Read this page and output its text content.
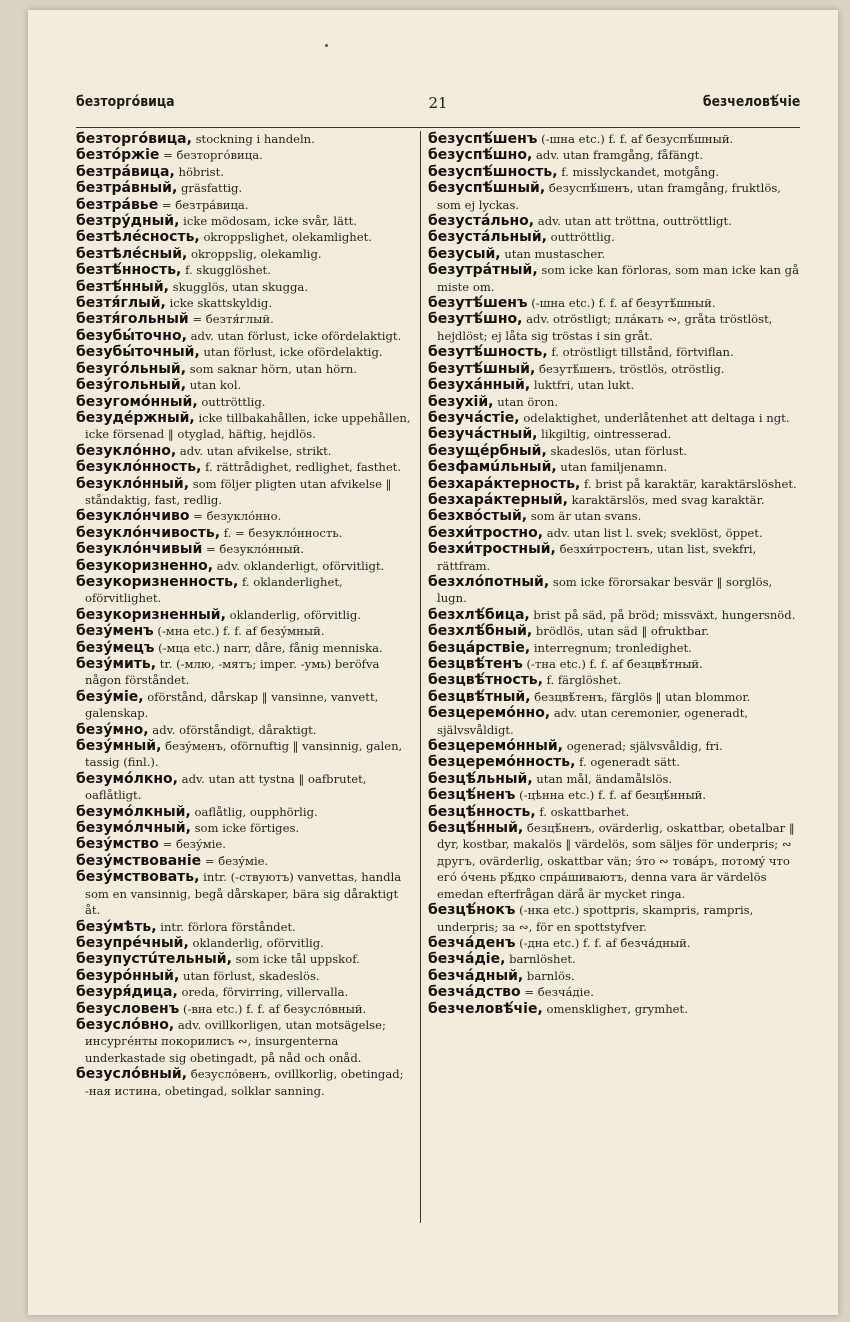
безторгóвица	21	безчеловѣ́чіе

безторгóвица, stockning i handeln.

безтóржіе = безторгóвица.

безтрáвица, höbrist.

безтрáвный, gräsfattig.

безтрáвье = безтрáвица.

безтрýдный, icke mödosam, icke svår, lätt.

безтѣлéсность, okroppslighet, olekamlighet.

безтѣлéсный, okroppslig, olekamlig.

безтѣ́нность, f. skugglöshet.

безтѣ́нный, skugglös, utan skugga.

безтя́глый, icke skattskyldig.

безтя́гольный = безтя́глый.

безубы́точно, adv. utan förlust, icke ofördelaktigt.

безубы́точный, utan förlust, icke ofördelaktig.

безугóльный, som saknar hörn, utan hörn.

безýгольный, utan kol.

безугомóнный, outtröttlig.

безудéржный, icke tillbakahållen, icke uppehållen, icke försenad ‖ otyglad, häftig, hejdlös.

безуклóнно, adv. utan afvikelse, strikt.

безуклóнность, f. rättrådighet, redlighet, fasthet.

безуклóнный, som följer pligten utan afvikelse ‖ ståndaktig, fast, redlig.

безуклóнчиво = безуклóнно.

безуклóнчивость, f. = безуклóнность.

безуклóнчивый = безуклóнный.

безукоризненно, adv. oklanderligt, oförvitligt.

безукоризненность, f. oklanderlighet, oförvitlighet.

безукоризненный, oklanderlig, oförvitlig.

безýменъ (-мна etc.) f. f. af безýмный.

безýмецъ (-мца etc.) narr, dåre, fånig menniska.

безýмить, tr. (-млю, -мятъ; imper. -умь) beröfva någon förståndet.

безýміе, oförstånd, dårskap ‖ vansinne, vanvett, galenskap.

безýмно, adv. oförståndigt, dåraktigt.

безýмный, безýменъ, oförnuftig ‖ vansinnig, galen, tassig (finl.).

безумóлкно, adv. utan att tystna ‖ oafbrutet, oaflåtligt.

безумóлкный, oaflåtlig, oupphörlig.

безумóлчный, som icke förtiges.

безýмство = безýміе.

безýмствованіе = безýміе.

безýмствовать, intr. (-ствуютъ) vanvettas, handla som en vansinnig, begå dårskaper, bära sig dåraktigt åt.

безýмѣть, intr. förlora förståndet.

безупрéчный, oklanderlig, oförvitlig.

безупустúтельный, som icke tål uppskof.

безурóнный, utan förlust, skadeslös.

безуря́дица, oreda, förvirring, villervalla.

безусловенъ (-вна etc.) f. f. af безусло́вный.

безусло́вно, adv. ovillkorligen, utan motsägelse; инсургéнты покорилисъ ∾, insurgenterna underkastade sig obetingadt, på nåd och onåd.

безусло́вный, безусло́венъ, ovillkorlig, obetingad; -ная истина, obetingad, solklar sanning.

безуспѣ́шенъ (-шна etc.) f. f. af безуспѣ́шный.

безуспѣ́шно, adv. utan framgång, fåfängt.

безуспѣ́шность, f. misslyckandet, motgång.

безуспѣ́шный, безуспѣ́шенъ, utan framgång, fruktlös, som ej lyckas.

безустáльно, adv. utan att tröttna, outtröttligt.

безустáльный, outtröttlig.

безусый, utan mustascher.

безутрáтный, som icke kan förloras, som man icke kan gå miste om.

безутѣ́шенъ (-шна etc.) f. f. af безутѣ́шный.

безутѣ́шно, adv. otröstligt; плáкать ∾, gråta tröstlöst, hejdlöst; ej låta sig tröstas i sin gråt.

безутѣ́шность, f. otröstligt tillstånd, förtviflan.

безутѣ́шный, безутѣ́шенъ, tröstlös, otröstlig.

безухáнный, luktfri, utan lukt.

безухій, utan öron.

безучáстіе, odelaktighet, underlåtenhet att deltaga i ngt.

безучáстный, likgiltig, ointresserad.

безущéрбный, skadeslös, utan förlust.

безфамúльный, utan familjenamn.

безхарáктерность, f. brist på karaktär, karaktärslöshet.

безхарáктерный, karaktärslös, med svag karaktär.

безхвóстый, som är utan svans.

безхи́тростно, adv. utan list l. svek; sveklöst, öppet.

безхи́тростный, безхи́тростенъ, utan list, svekfri, rättfram.

безхлóпотный, som icke förorsakar besvär ‖ sorglös, lugn.

безхлѣ́бица, brist på säd, på bröd; missväxt, hungersnöd.

безхлѣ́бный, brödlös, utan säd ‖ ofruktbar.

безцáрствіе, interregnum; tronledighet.

безцвѣ́тенъ (-тна etc.) f. f. af безцвѣ́тный.

безцвѣ́тность, f. färglöshet.

безцвѣ́тный, безцвѣ́тенъ, färglös ‖ utan blommor.

безцеремóнно, adv. utan ceremonier, ogeneradt, självsvåldigt.

безцеремóнный, ogenerad; självsvåldig, fri.

безцеремóнность, f. ogeneradt sätt.

безцѣ́льный, utan mål, ändamålslös.

безцѣ́ненъ (-цѣнна etc.) f. f. af безцѣ́нный.

безцѣ́нность, f. oskattbarhet.

безцѣ́нный, безцѣ́ненъ, ovärderlig, oskattbar, obetalbar ‖ dyr, kostbar, makalös ‖ värdelös, som säljes för underpris; ∾ другъ, ovärderlig, oskattbar vän; э́то ∾ товáръ, потомý что егó óчень рѣ́дко спрáшиваютъ, denna vara är värdelös emedan efterfrågan därå är mycket ringa.

безцѣ́нокъ (-нка etc.) spottpris, skampris, rampris, underpris; за ∾, för en spottstyfver.

безчáденъ (-дна etc.) f. f. af безчáдный.

безчáдіе, barnlöshet.

безчáдный, barnlös.

безчáдство = безчáдіе.

безчеловѣ́чіе, omenskligheт, grymhet.
